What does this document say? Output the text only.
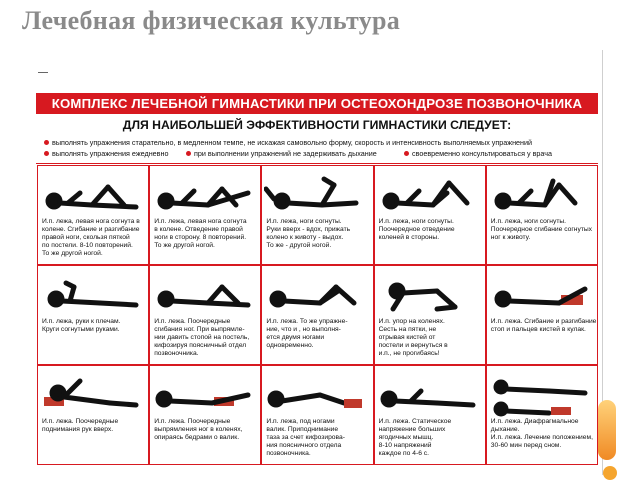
Лечебная физическая культура
КОМПЛЕКС ЛЕЧЕБНОЙ ГИМНАСТИКИ ПРИ ОСТЕОХОНДРОЗЕ ПОЗВОНОЧНИКА
ДЛЯ НАИБОЛЬШЕЙ ЭФФЕКТИВНОСТИ ГИМНАСТИКИ СЛЕДУЕТ:
выполнять упражнения старательно, в медленном темпе, не искажая самовольно форму, скорость и интенсивность выполняемых упражнений
выполнять упражнения ежедневно	при выполнении упражнений не задерживать дыхание	своевременно консультироваться у врача
И.п. лежа, левая нога согнута в
колене. Сгибание и разгибание
правой ноги, скользя пяткой
по постели. 8-10 повторений.
То же другой ногой.
И.п. лежа, левая нога согнута
в колене. Отведение правой
ноги в сторону. 8 повторений.
То же другой ногой.
И.п. лежа, ноги согнуты.
Руки вверх - вдох, прижать
колено к животу - выдох.
То же - другой ногой.
И.п. лежа, ноги согнуты.
Поочередное отведение
коленей в стороны.
И.п. лежа, ноги согнуты.
Поочередное сгибание согнутых
ног к животу.
И.п. лежа, руки к плечам.
Круги согнутыми руками.
И.п. лежа. Поочередные
сгибания ног. При выпрямле-
нии давить стопой на постель,
кифозируя поясничный отдел
позвоночника.
И.п. лежа. То же упражне-
ние, что и , но выполня-
ется двумя ногами
одновременно.
И.п. упор на коленях.
Сесть на пятки, не
отрывая кистей от
постели и вернуться в
и.п., не прогибаясь!
И.п. лежа. Сгибание и разгибание
стоп и пальцев кистей в кулак.
И.п. лежа. Поочередные
поднимания рук вверх.
И.п. лежа. Поочередные
выпрямления ног в коленях,
опираясь бедрами о валик.
И.п. лежа, под ногами
валик. Приподнимание
таза за счет кифозирова-
ния поясничного отдела
позвоночника.
И.п. лежа. Статическое
напряжение больших
ягодичных мышц.
8-10 напряжений
каждое по 4-6 с.
И.п. лежа. Диафрагмальное
дыхание.
И.п. лежа. Лечение положением,
30-60 мин перед сном.
